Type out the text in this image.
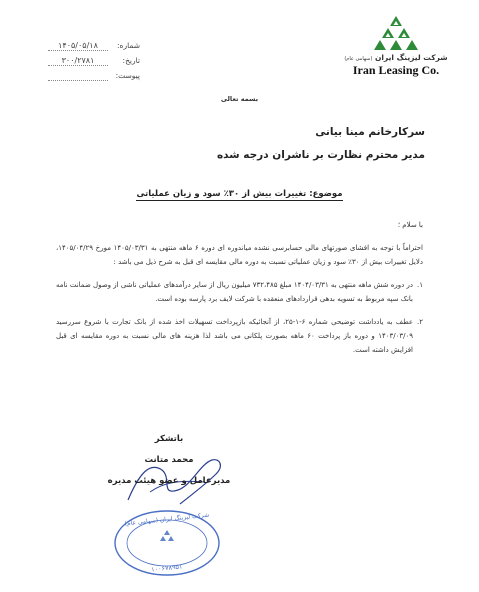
شرکت لیزینگ ایران (سهامی عام)
Iran Leasing Co.
شماره:
۱۴۰۵/۰۵/۱۸
تاریخ:
۳۰۰/۲۷۸۱
پیوست:
بسمه تعالی
سرکارخانم مینا بیانی
مدیر محترم نظارت بر ناشران درجه شده
موضوع: تغییرات بیش از ۳۰٪ سود و زیان عملیاتی
با سلام ؛

احتراماً با توجه به افشای صورتهای مالی حسابرسی نشده میاندوره ای دوره ۶ ماهه منتهی به ۱۴۰۵/۰۳/۳۱ مورخ ۱۴۰۵/۰۴/۲۹، دلایل تغییرات بیش از ۳۰٪ سود و زیان عملیاتی نسبت به دوره مالی مقایسه ای قبل به شرح ذیل می باشد :

۱.
در دوره شش ماهه منتهی به ۱۴۰۴/۰۳/۳۱ مبلغ ۷۳۲،۴۸۵ میلیون ریال از سایر درآمدهای عملیاتی ناشی از وصول ضمانت نامه بانک سپه مربوط به تسویه بدهی قراردادهای منعقده با شرکت لایف برد پارسه بوده است.
۲.
عطف به یادداشت توضیحی شماره ۶-۱-۲۵، از آنجائیکه بازپرداخت تسهیلات اخذ شده از بانک تجارت با شروع سررسید ۱۴۰۳/۰۳/۰۹ و دوره باز پرداخت ۶۰ ماهه بصورت پلکانی می باشد لذا هزینه های مالی نسبت به دوره مقایسه ای قبل افزایش داشته است.
باتشکر
محمد متانت
مدیرعامل و عضو هیئت مدیره
شرکت لیزینگ ایران (سهامی عام)
۱۰۰۶۷۸۹۵۱
